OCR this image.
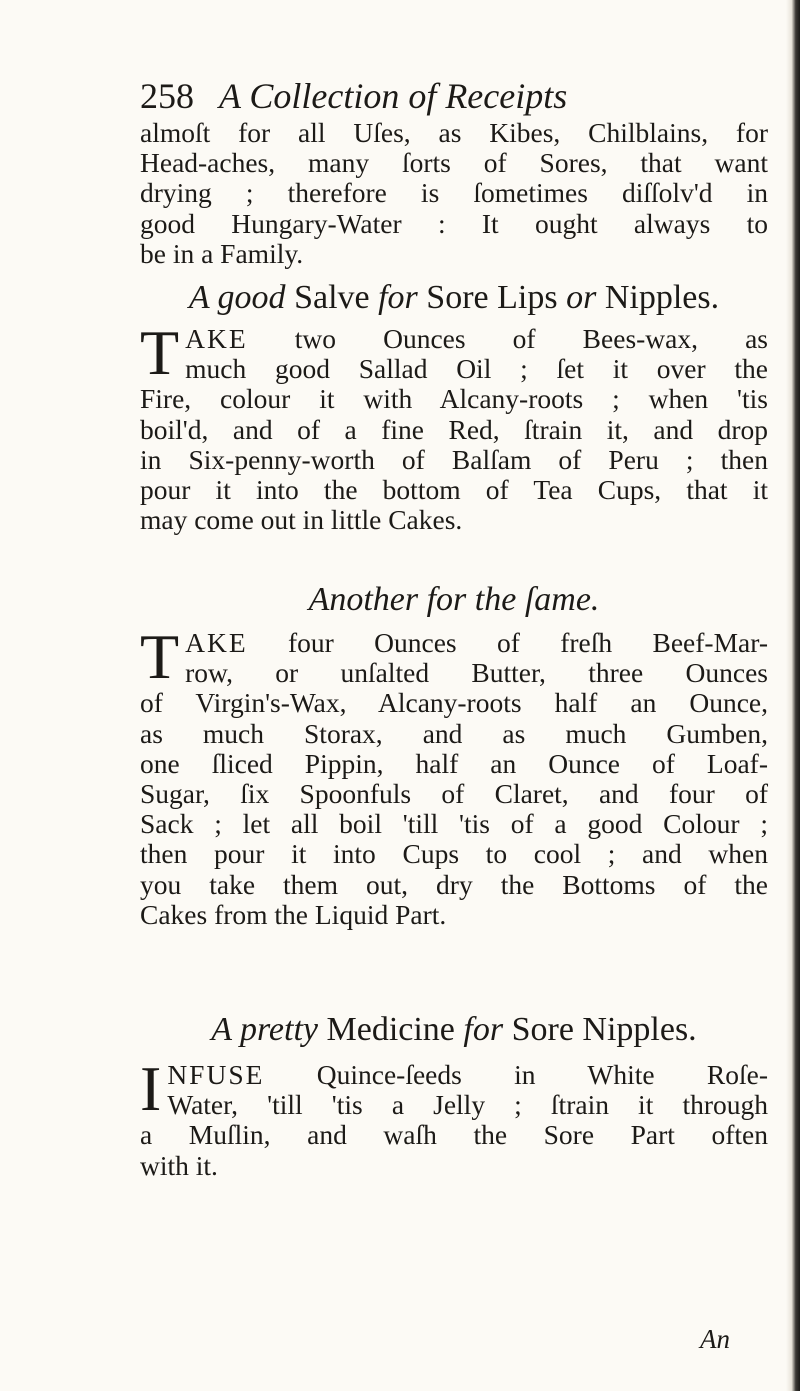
258 A Collection of Receipts
almoſt for all Uſes, as Kibes, Chilblains, for
Head-aches, many ſorts of Sores, that want
drying ; therefore is ſometimes diſſolv'd in
good Hungary-Water : It ought always to
be in a Family.
A good Salve for Sore Lips or Nipples.
T AKE two Ounces of Bees-wax, as
much good Sallad Oil ; ſet it over the
Fire, colour it with Alcany-roots ; when 'tis
boil'd, and of a fine Red, ſtrain it, and drop
in Six-penny-worth of Balſam of Peru ; then
pour it into the bottom of Tea Cups, that it
may come out in little Cakes.
Another for the ſame.
T AKE four Ounces of freſh Beef-Mar-
row, or unſalted Butter, three Ounces
of Virgin's-Wax, Alcany-roots half an Ounce,
as much Storax, and as much Gumben,
one ſliced Pippin, half an Ounce of Loaf-
Sugar, ſix Spoonfuls of Claret, and four of
Sack ; let all boil 'till 'tis of a good Colour ;
then pour it into Cups to cool ; and when
you take them out, dry the Bottoms of the
Cakes from the Liquid Part.
A pretty Medicine for Sore Nipples.
I NFUSE Quince-ſeeds in White Roſe-
Water, 'till 'tis a Jelly ; ſtrain it through
a Muſlin, and waſh the Sore Part often
with it.
An
